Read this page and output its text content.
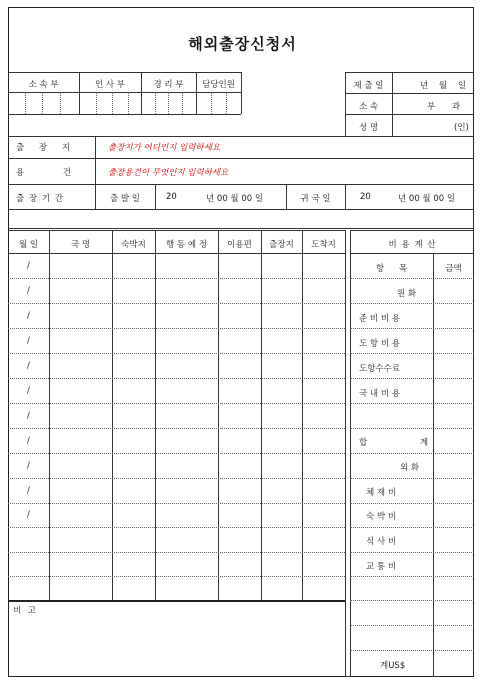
해외출장신청서
소 속 부	인 사 부	경 리 부	담당인원	제 출 일	년 월 일
소 속	부 과
성 명	(인)
출 장 지	출장지가 어디인지 입력하세요
용 건	출장용건이 무엇인지 입력하세요
출 장 기 간	출 발 일	20	년 00 월 00 일	귀 국 일	20	년 00 월 00 일
월 일	국 명	숙박지	행 동 예 정	이용편	출장지	도착지
/
/
/
/
/
/
/
/
/
/
/
비 고
비 용 계 산
항 목	금액
원 화
준 비 비 용
도 항 비 용
도항수수료
국 내 비 용
합 계
외 화
체 재 비
숙 박 비
식 사 비
교 통 비
계US$
